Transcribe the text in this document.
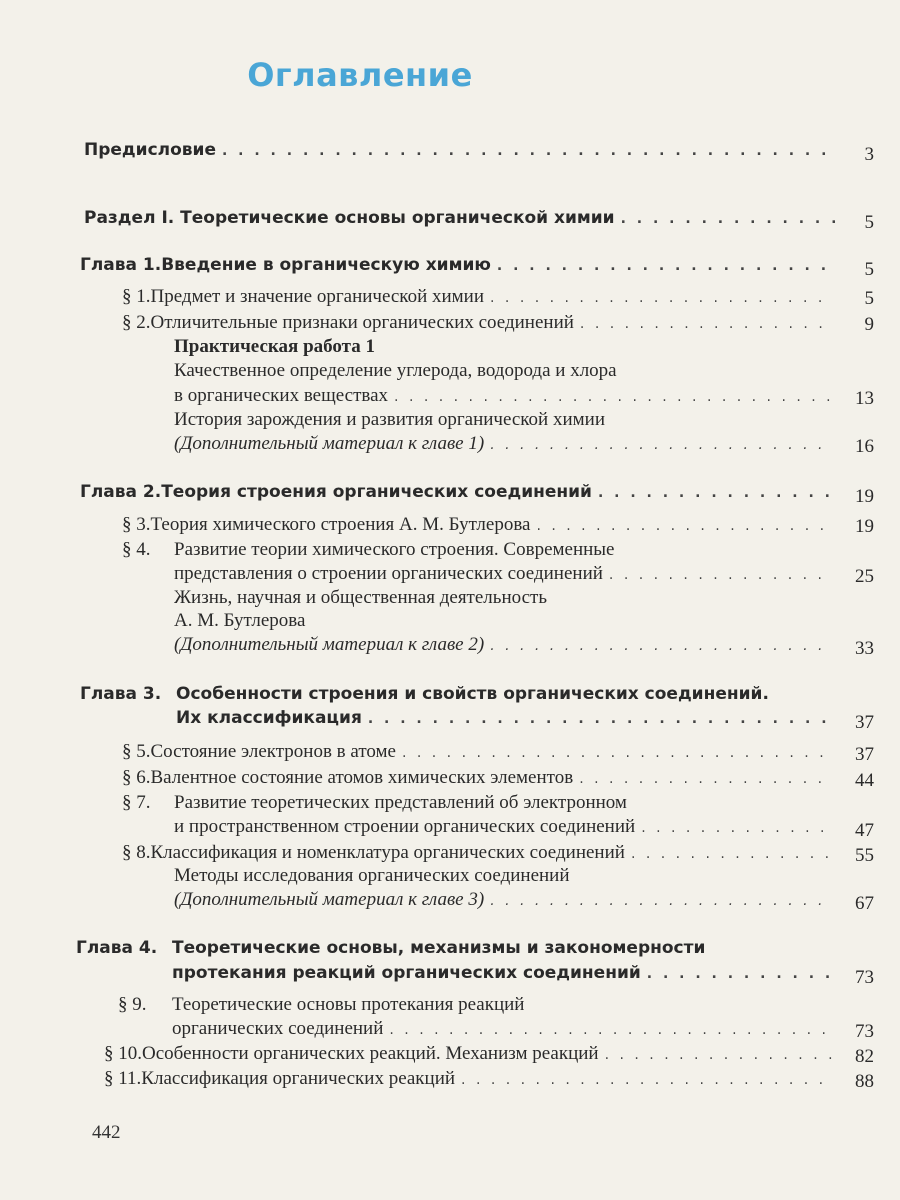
Оглавление
Предисловие . . .	3
Раздел I. Теоретические основы органической химии . . .	5
Глава 1. Введение в органическую химию . . .	5
§ 1. Предмет и значение органической химии . . .	5
§ 2. Отличительные признаки органических соединений . . .	9
Практическая работа 1
Качественное определение углерода, водорода и хлора
в органических веществах . . .	13
История зарождения и развития органической химии
(Дополнительный материал к главе 1) . . .	16
Глава 2. Теория строения органических соединений . . .	19
§ 3. Теория химического строения А. М. Бутлерова . . .	19
§ 4.	Развитие теории химического строения. Современные
представления о строении органических соединений . . .	25
Жизнь, научная и общественная деятельность
А. М. Бутлерова
(Дополнительный материал к главе 2) . . .	33
Глава 3. Особенности строения и свойств органических соединений.
Их классификация . . .	37
§ 5. Состояние электронов в атоме . . .	37
§ 6. Валентное состояние атомов химических элементов . . .	44
§ 7.	Развитие теоретических представлений об электронном
и пространственном строении органических соединений . . .	47
§ 8. Классификация и номенклатура органических соединений . . .	55
Методы исследования органических соединений
(Дополнительный материал к главе 3) . . .	67
Глава 4. Теоретические основы, механизмы и закономерности
протекания реакций органических соединений . . .	73
§ 9.	Теоретические основы протекания реакций
органических соединений . . .	73
§ 10. Особенности органических реакций. Механизм реакций . . .	82
§ 11. Классификация органических реакций . . .	88
442
